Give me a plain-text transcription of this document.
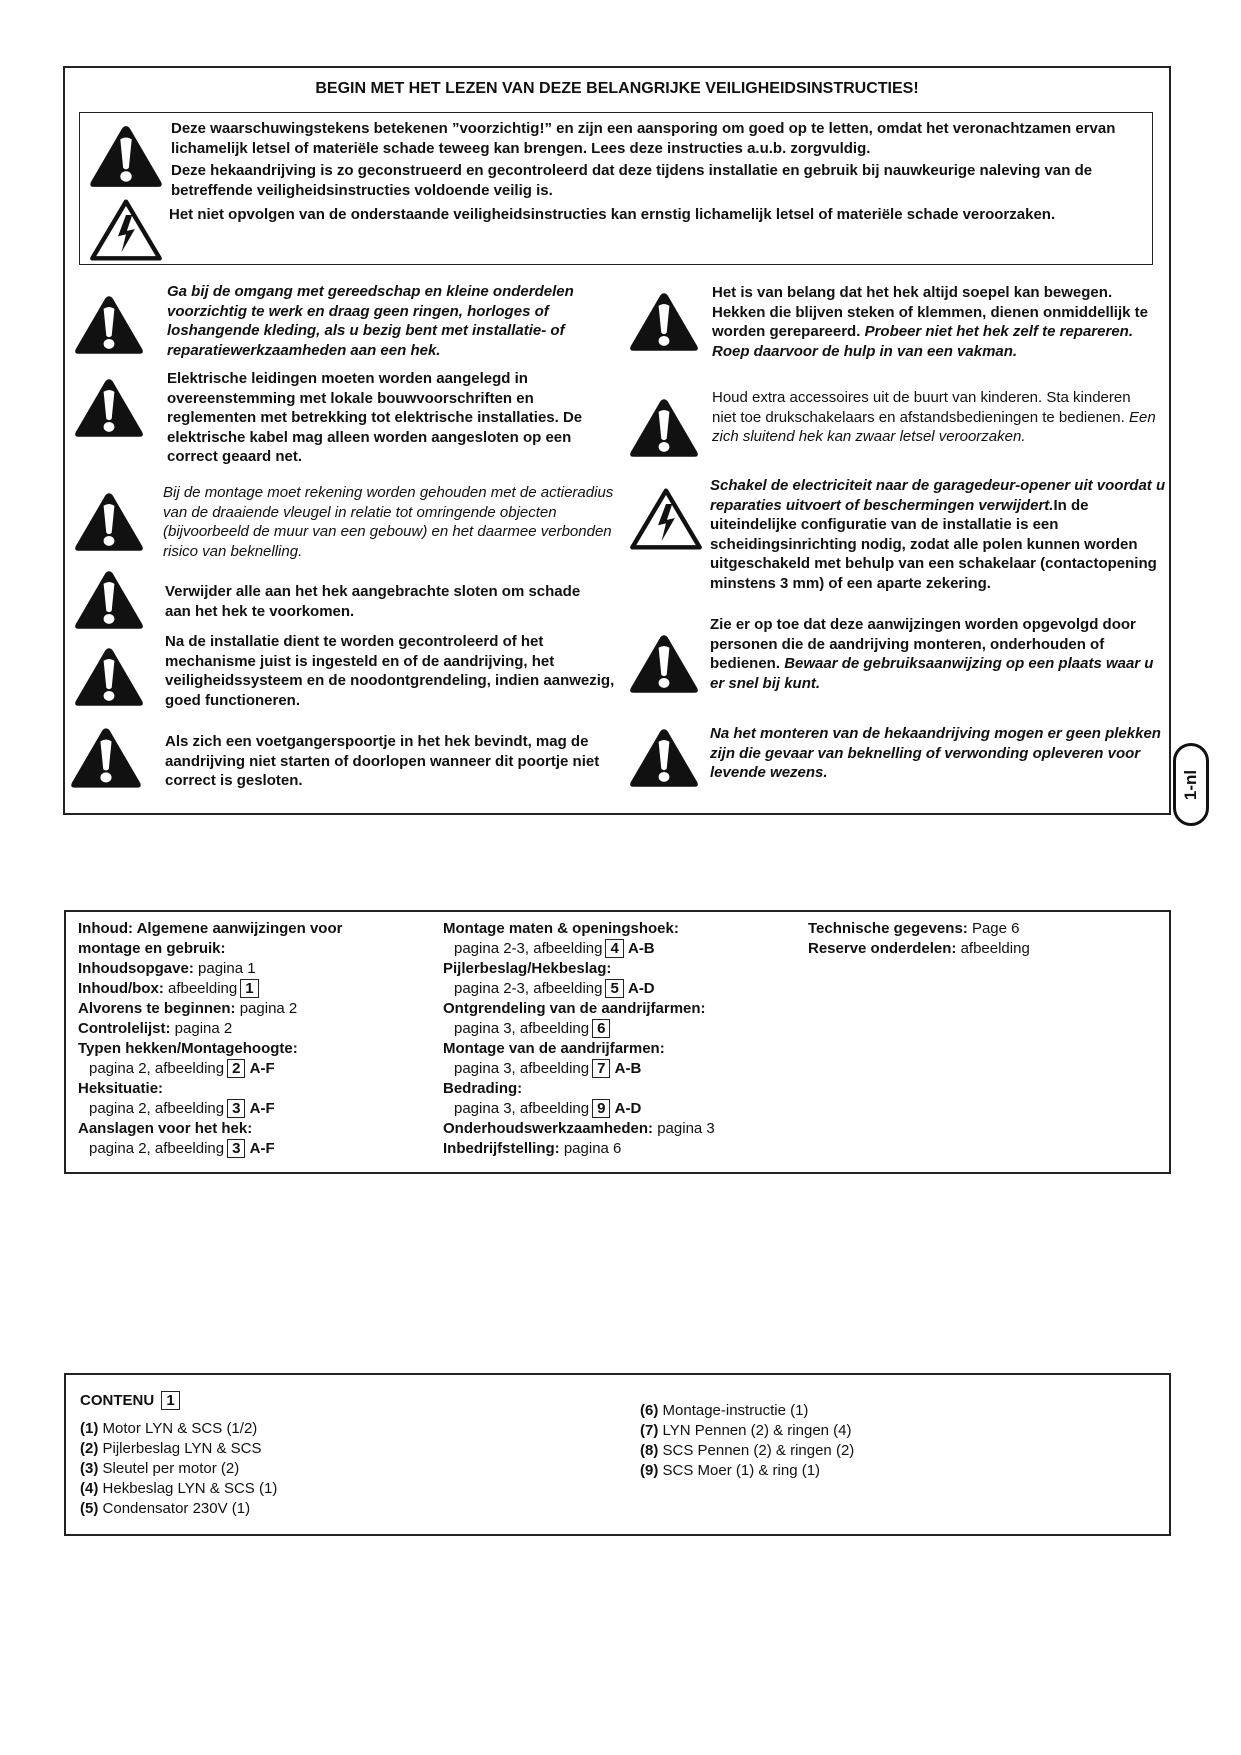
BEGIN MET HET LEZEN VAN DEZE BELANGRIJKE VEILIGHEIDSINSTRUCTIES!

Deze waarschuwingstekens betekenen ”voorzichtig!” en zijn een aansporing om goed op te letten, omdat het veronachtzamen ervan lichamelijk letsel of materiële schade teweeg kan brengen. Lees deze instructies a.u.b. zorgvuldig.

Deze hekaandrijving is zo geconstrueerd en gecontroleerd dat deze tijdens installatie en gebruik bij nauwkeurige naleving van de betreffende veiligheidsinstructies voldoende veilig is.

Het niet opvolgen van de onderstaande veiligheidsinstructies kan ernstig lichamelijk letsel of materiële schade veroorzaken.

Ga bij de omgang met gereedschap en kleine onderdelen voorzichtig te werk en draag geen ringen, horloges of loshangende kleding, als u bezig bent met installatie- of reparatiewerkzaamheden aan een hek.

Elektrische leidingen moeten worden aangelegd in overeenstemming met lokale bouwvoorschriften en reglementen met betrekking tot elektrische installaties. De elektrische kabel mag alleen worden aangesloten op een correct geaard net.

Bij de montage moet rekening worden gehouden met de actieradius van de draaiende vleugel in relatie tot omringende objecten (bijvoorbeeld de muur van een gebouw) en het daarmee verbonden risico van beknelling.

Verwijder alle aan het hek aangebrachte sloten om schade aan het hek te voorkomen.

Na de installatie dient te worden gecontroleerd of het mechanisme juist is ingesteld en of de aandrijving, het veiligheidssysteem en de noodontgrendeling, indien aanwezig, goed functioneren.

Als zich een voetgangerspoortje in het hek bevindt, mag de aandrijving niet starten of doorlopen wanneer dit poortje niet correct is gesloten.

Het is van belang dat het hek altijd soepel kan bewegen. Hekken die blijven steken of klemmen, dienen onmiddellijk te worden gerepareerd. Probeer niet het hek zelf te repareren. Roep daarvoor de hulp in van een vakman.

Houd extra accessoires uit de buurt van kinderen. Sta kinderen niet toe drukschakelaars en afstandsbedieningen te bedienen. Een zich sluitend hek kan zwaar letsel veroorzaken.

Schakel de electriciteit naar de garagedeur-opener uit voordat u reparaties uitvoert of beschermingen verwijdert.In de uiteindelijke configuratie van de installatie is een scheidingsinrichting nodig, zodat alle polen kunnen worden uitgeschakeld met behulp van een schakelaar (contactopening minstens 3 mm) of een aparte zekering.

Zie er op toe dat deze aanwijzingen worden opgevolgd door personen die de aandrijving monteren, onderhouden of bedienen. Bewaar de gebruiksaanwijzing op een plaats waar u er snel bij kunt.

Na het monteren van de hekaandrijving mogen er geen plekken zijn die gevaar van beknelling of verwonding opleveren voor levende wezens.	1-nl
Inhoud: Algemene aanwijzingen voor
montage en gebruik:
Inhoudsopgave: pagina 1
Inhoud/box: afbeelding 1
Alvorens te beginnen: pagina 2
Controlelijst: pagina 2
Typen hekken/Montagehoogte:
pagina 2, afbeelding 2 A-F
Heksituatie:
pagina 2, afbeelding 3 A-F
Aanslagen voor het hek:
pagina 2, afbeelding 3 A-F
Montage maten & openingshoek:
pagina 2-3, afbeelding 4 A-B
Pijlerbeslag/Hekbeslag:
pagina 2-3, afbeelding 5 A-D
Ontgrendeling van de aandrijfarmen:
pagina 3, afbeelding 6
Montage van de aandrijfarmen:
pagina 3, afbeelding 7 A-B
Bedrading:
pagina 3, afbeelding 9 A-D
Onderhoudswerkzaamheden: pagina 3
Inbedrijfstelling: pagina 6
Technische gegevens: Page 6
Reserve onderdelen: afbeelding
CONTENU 1
(1) Motor LYN & SCS (1/2)
(2) Pijlerbeslag LYN & SCS
(3) Sleutel per motor (2)
(4) Hekbeslag LYN & SCS (1)
(5) Condensator 230V (1)
(6) Montage-instructie (1)
(7) LYN Pennen (2) & ringen (4)
(8) SCS Pennen (2) & ringen (2)
(9) SCS Moer (1) & ring (1)
